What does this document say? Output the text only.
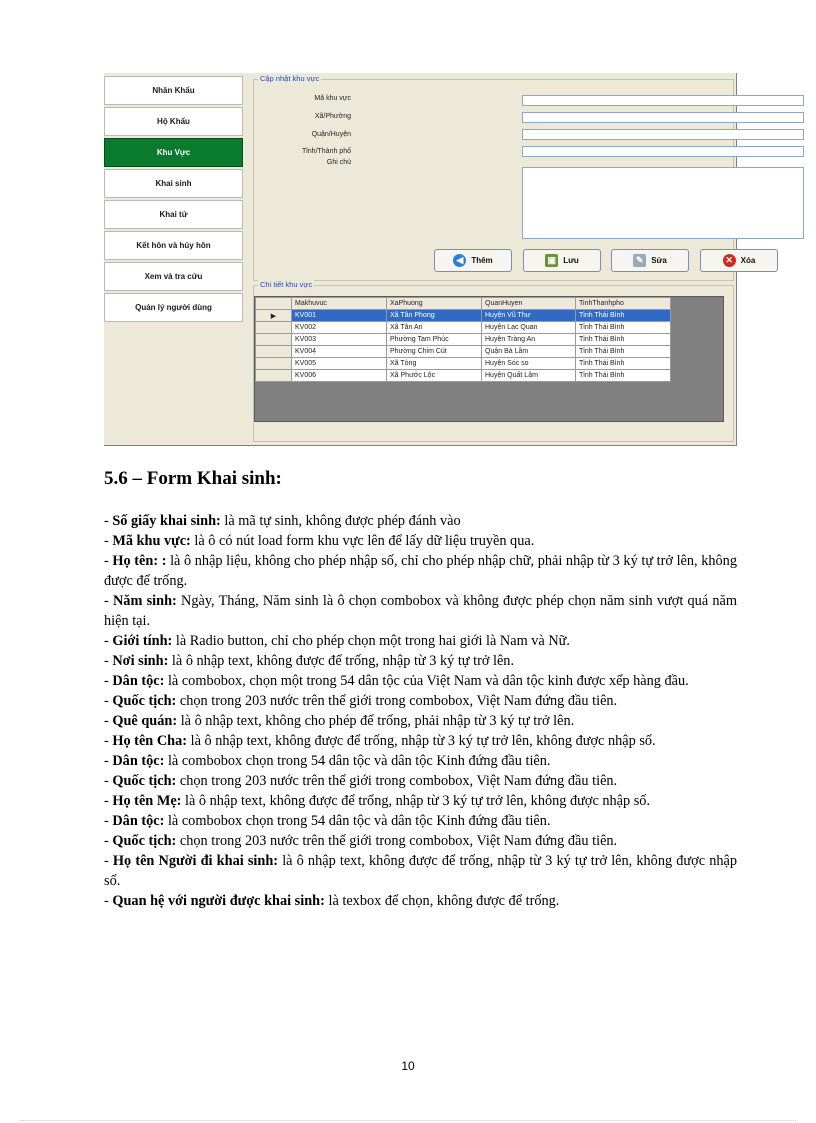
Nhân Khẩu
Hộ Khẩu
Khu Vực
Khai sinh
Khai tử
Kết hôn và hủy hôn
Xem và tra cứu
Quản lý người dùng
Cập nhật khu vực
Mã khu vực
Xã/Phường
Quận/Huyện
Tỉnh/Thành phố
Ghi chú
◀	Thêm	▣ Lưu	✎ Sửa	✕ Xóa
Chi tiết khu vực
	Makhuvuc	XaPhuong	QuanHuyen	TinhThanhpho
▶	KV001	Xã Tân Phong	Huyện Vũ Thư	Tỉnh Thái Bình
	KV002	Xã Tân An	Huyện Lạc Quan	Tỉnh Thái Bình
	KV003	Phường Tam Phúc	Huyện Tràng An	Tỉnh Thái Bình
	KV004	Phường Chim Cút	Quận Bà Lầm	Tỉnh Thái Bình
	KV005	Xã Tòng	Huyện Sóc so	Tỉnh Thái Bình
	KV006	Xã Phước Lộc	Huyện Quất Lâm	Tỉnh Thái Bình
5.6 – Form Khai sinh:

- Số giấy khai sinh: là mã tự sinh, không được phép đánh vào

- Mã khu vực: là ô có nút load form khu vực lên để lấy dữ liệu truyền qua.

- Họ tên: : là ô nhập liệu, không cho phép nhập số, chỉ cho phép nhập chữ, phải nhập từ 3 ký tự trở lên, không được để trống.

- Năm sinh: Ngày, Tháng, Năm sinh là ô chọn combobox và không được phép chọn năm sinh vượt quá năm hiện tại.

- Giới tính: là Radio button, chỉ cho phép chọn một trong hai giới là Nam và Nữ.

- Nơi sinh: là ô nhập text, không được để trống, nhập từ 3 ký tự trở lên.

- Dân tộc: là combobox, chọn một trong 54 dân tộc của Việt Nam và dân tộc kinh được xếp hàng đầu.

- Quốc tịch: chọn trong 203 nước trên thế giới trong combobox, Việt Nam đứng đầu tiên.

- Quê quán: là ô nhập text, không cho phép để trống, phải nhập từ 3 ký tự trở lên.

- Họ tên Cha: là ô nhập text, không được để trống, nhập từ 3 ký tự trở lên, không được nhập số.

- Dân tộc: là combobox chọn trong 54 dân tộc và dân tộc Kinh đứng đầu tiên.

- Quốc tịch: chọn trong 203 nước trên thế giới trong combobox, Việt Nam đứng đầu tiên.

- Họ tên Mẹ: là ô nhập text, không được để trống, nhập từ 3 ký tự trở lên, không được nhập số.

- Dân tộc: là combobox chọn trong 54 dân tộc và dân tộc Kinh đứng đầu tiên.

- Quốc tịch: chọn trong 203 nước trên thế giới trong combobox, Việt Nam đứng đầu tiên.

- Họ tên Người đi khai sinh: là ô nhập text, không được để trống, nhập từ 3 ký tự trở lên, không được nhập số.

- Quan hệ với người được khai sinh: là texbox để chọn, không được để trống.

10
